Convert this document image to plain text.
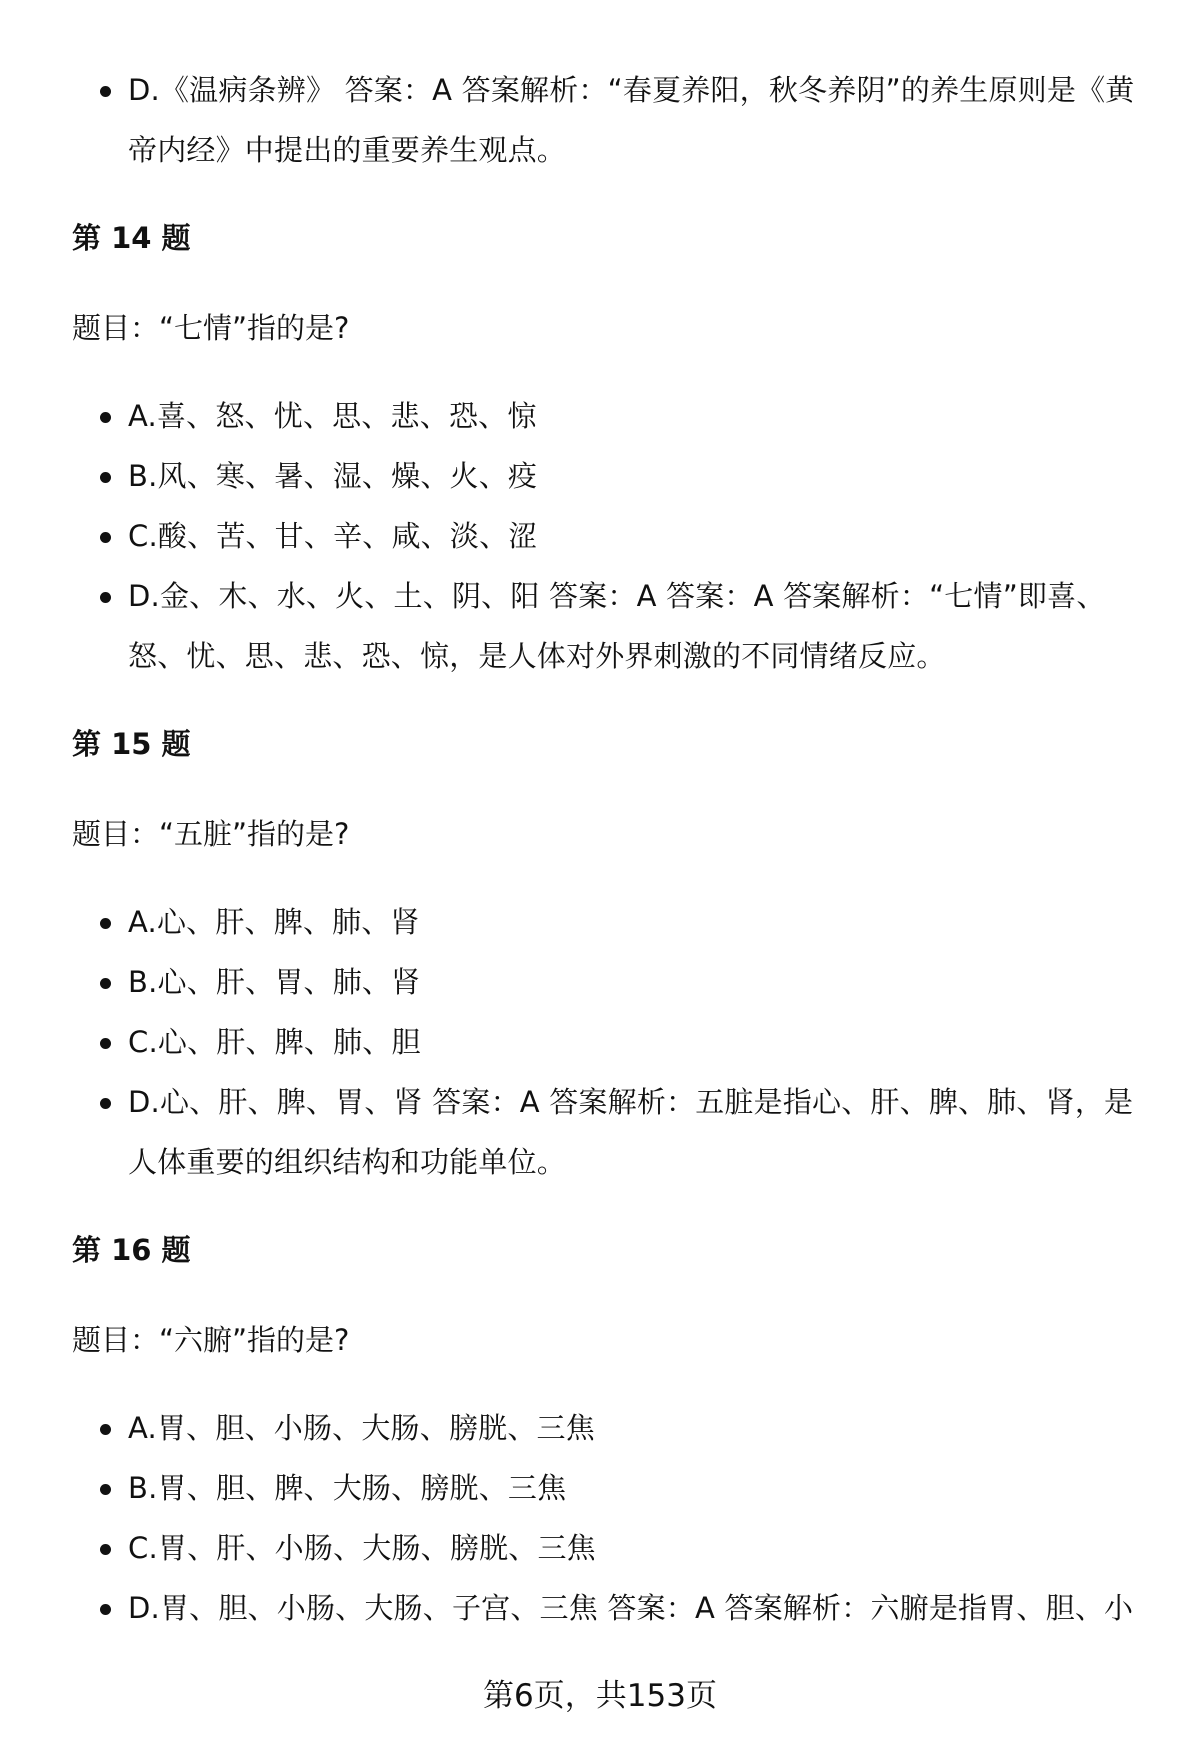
D.《温病条辨》 答案：A 答案解析：“春夏养阳，秋冬养阴”的养生原则是《黄帝内经》中提出的重要养生观点。
第 14 题
题目：“七情”指的是?
A.喜、怒、忧、思、悲、恐、惊
B.风、寒、暑、湿、燥、火、疫
C.酸、苦、甘、辛、咸、淡、涩
D.金、木、水、火、土、阴、阳 答案：A 答案：A 答案解析：“七情”即喜、怒、忧、思、悲、恐、惊，是人体对外界刺激的不同情绪反应。
第 15 题
题目：“五脏”指的是?
A.心、肝、脾、肺、肾
B.心、肝、胃、肺、肾
C.心、肝、脾、肺、胆
D.心、肝、脾、胃、肾 答案：A 答案解析：五脏是指心、肝、脾、肺、肾，是人体重要的组织结构和功能单位。
第 16 题
题目：“六腑”指的是?
A.胃、胆、小肠、大肠、膀胱、三焦
B.胃、胆、脾、大肠、膀胱、三焦
C.胃、肝、小肠、大肠、膀胱、三焦
D.胃、胆、小肠、大肠、子宫、三焦 答案：A 答案解析：六腑是指胃、胆、小
第6页，共153页
